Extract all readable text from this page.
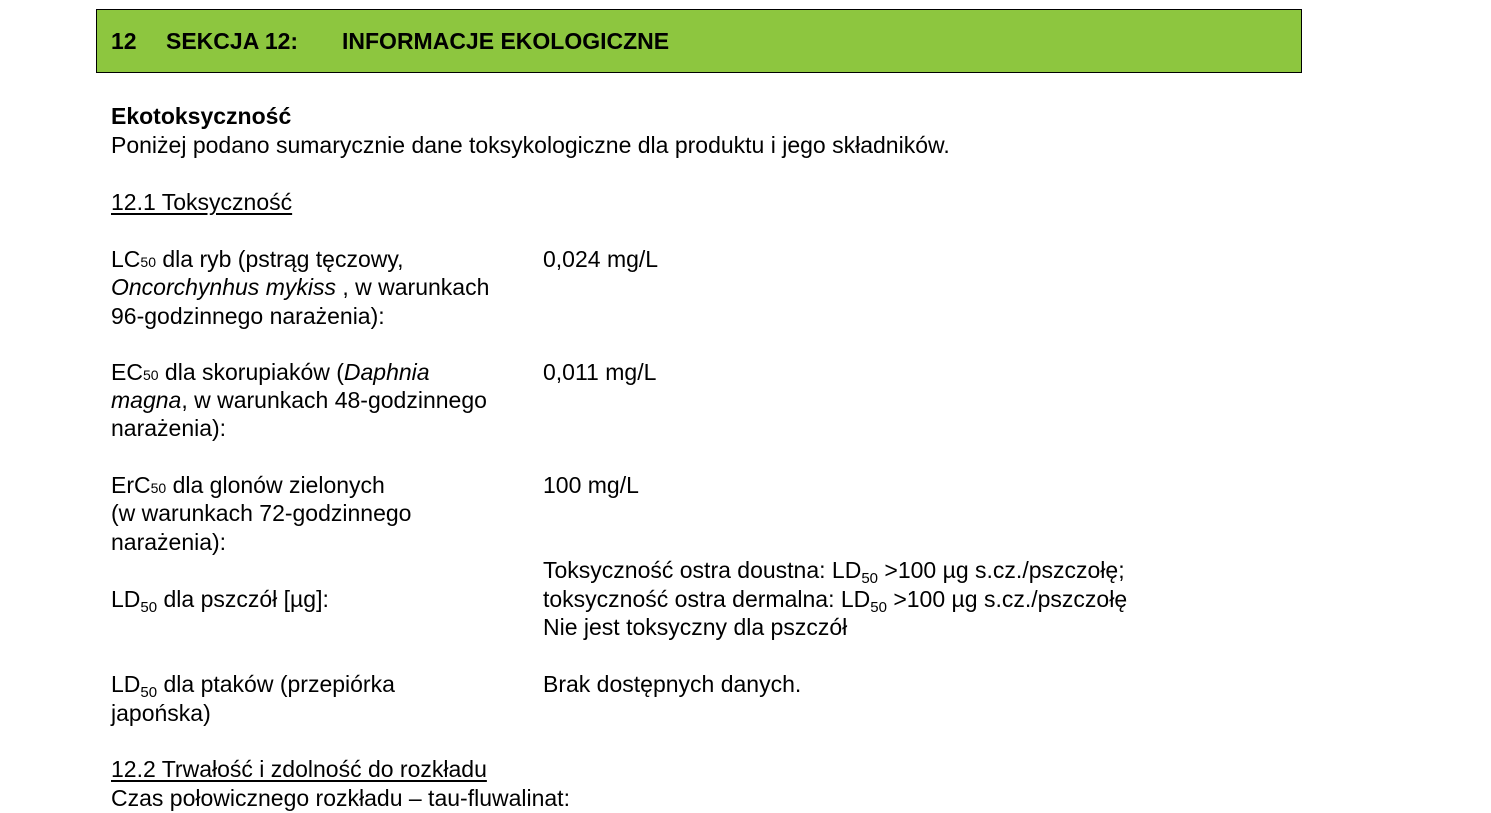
12 SEKCJA 12: INFORMACJE EKOLOGICZNE
Ekotoksyczność
Poniżej podano sumarycznie dane toksykologiczne dla produktu i jego składników.
12.1 Toksyczność
LC50 dla ryb (pstrąg tęczowy,
Oncorchynhus mykiss , w warunkach
96-godzinnego narażenia):
0,024 mg/L
EC50 dla skorupiaków (Daphnia
magna, w warunkach 48-godzinnego
narażenia):
0,011 mg/L
ErC50 dla glonów zielonych
(w warunkach 72-godzinnego
narażenia):
100 mg/L
Toksyczność ostra doustna: $LD_{50} >100$ µg s.cz./pszczołę;
$LD_{50}$ dla pszczół [µg]:	toksyczność ostra dermalna: $LD_{50} >100$ µg s.cz./pszczołę
Nie jest toksyczny dla pszczół
$LD_{50}$ dla ptaków (przepiórka
japońska)
Brak dostępnych danych.
12.2 Trwałość i zdolność do rozkładu
Czas połowicznego rozkładu – tau-fluwalinat:
